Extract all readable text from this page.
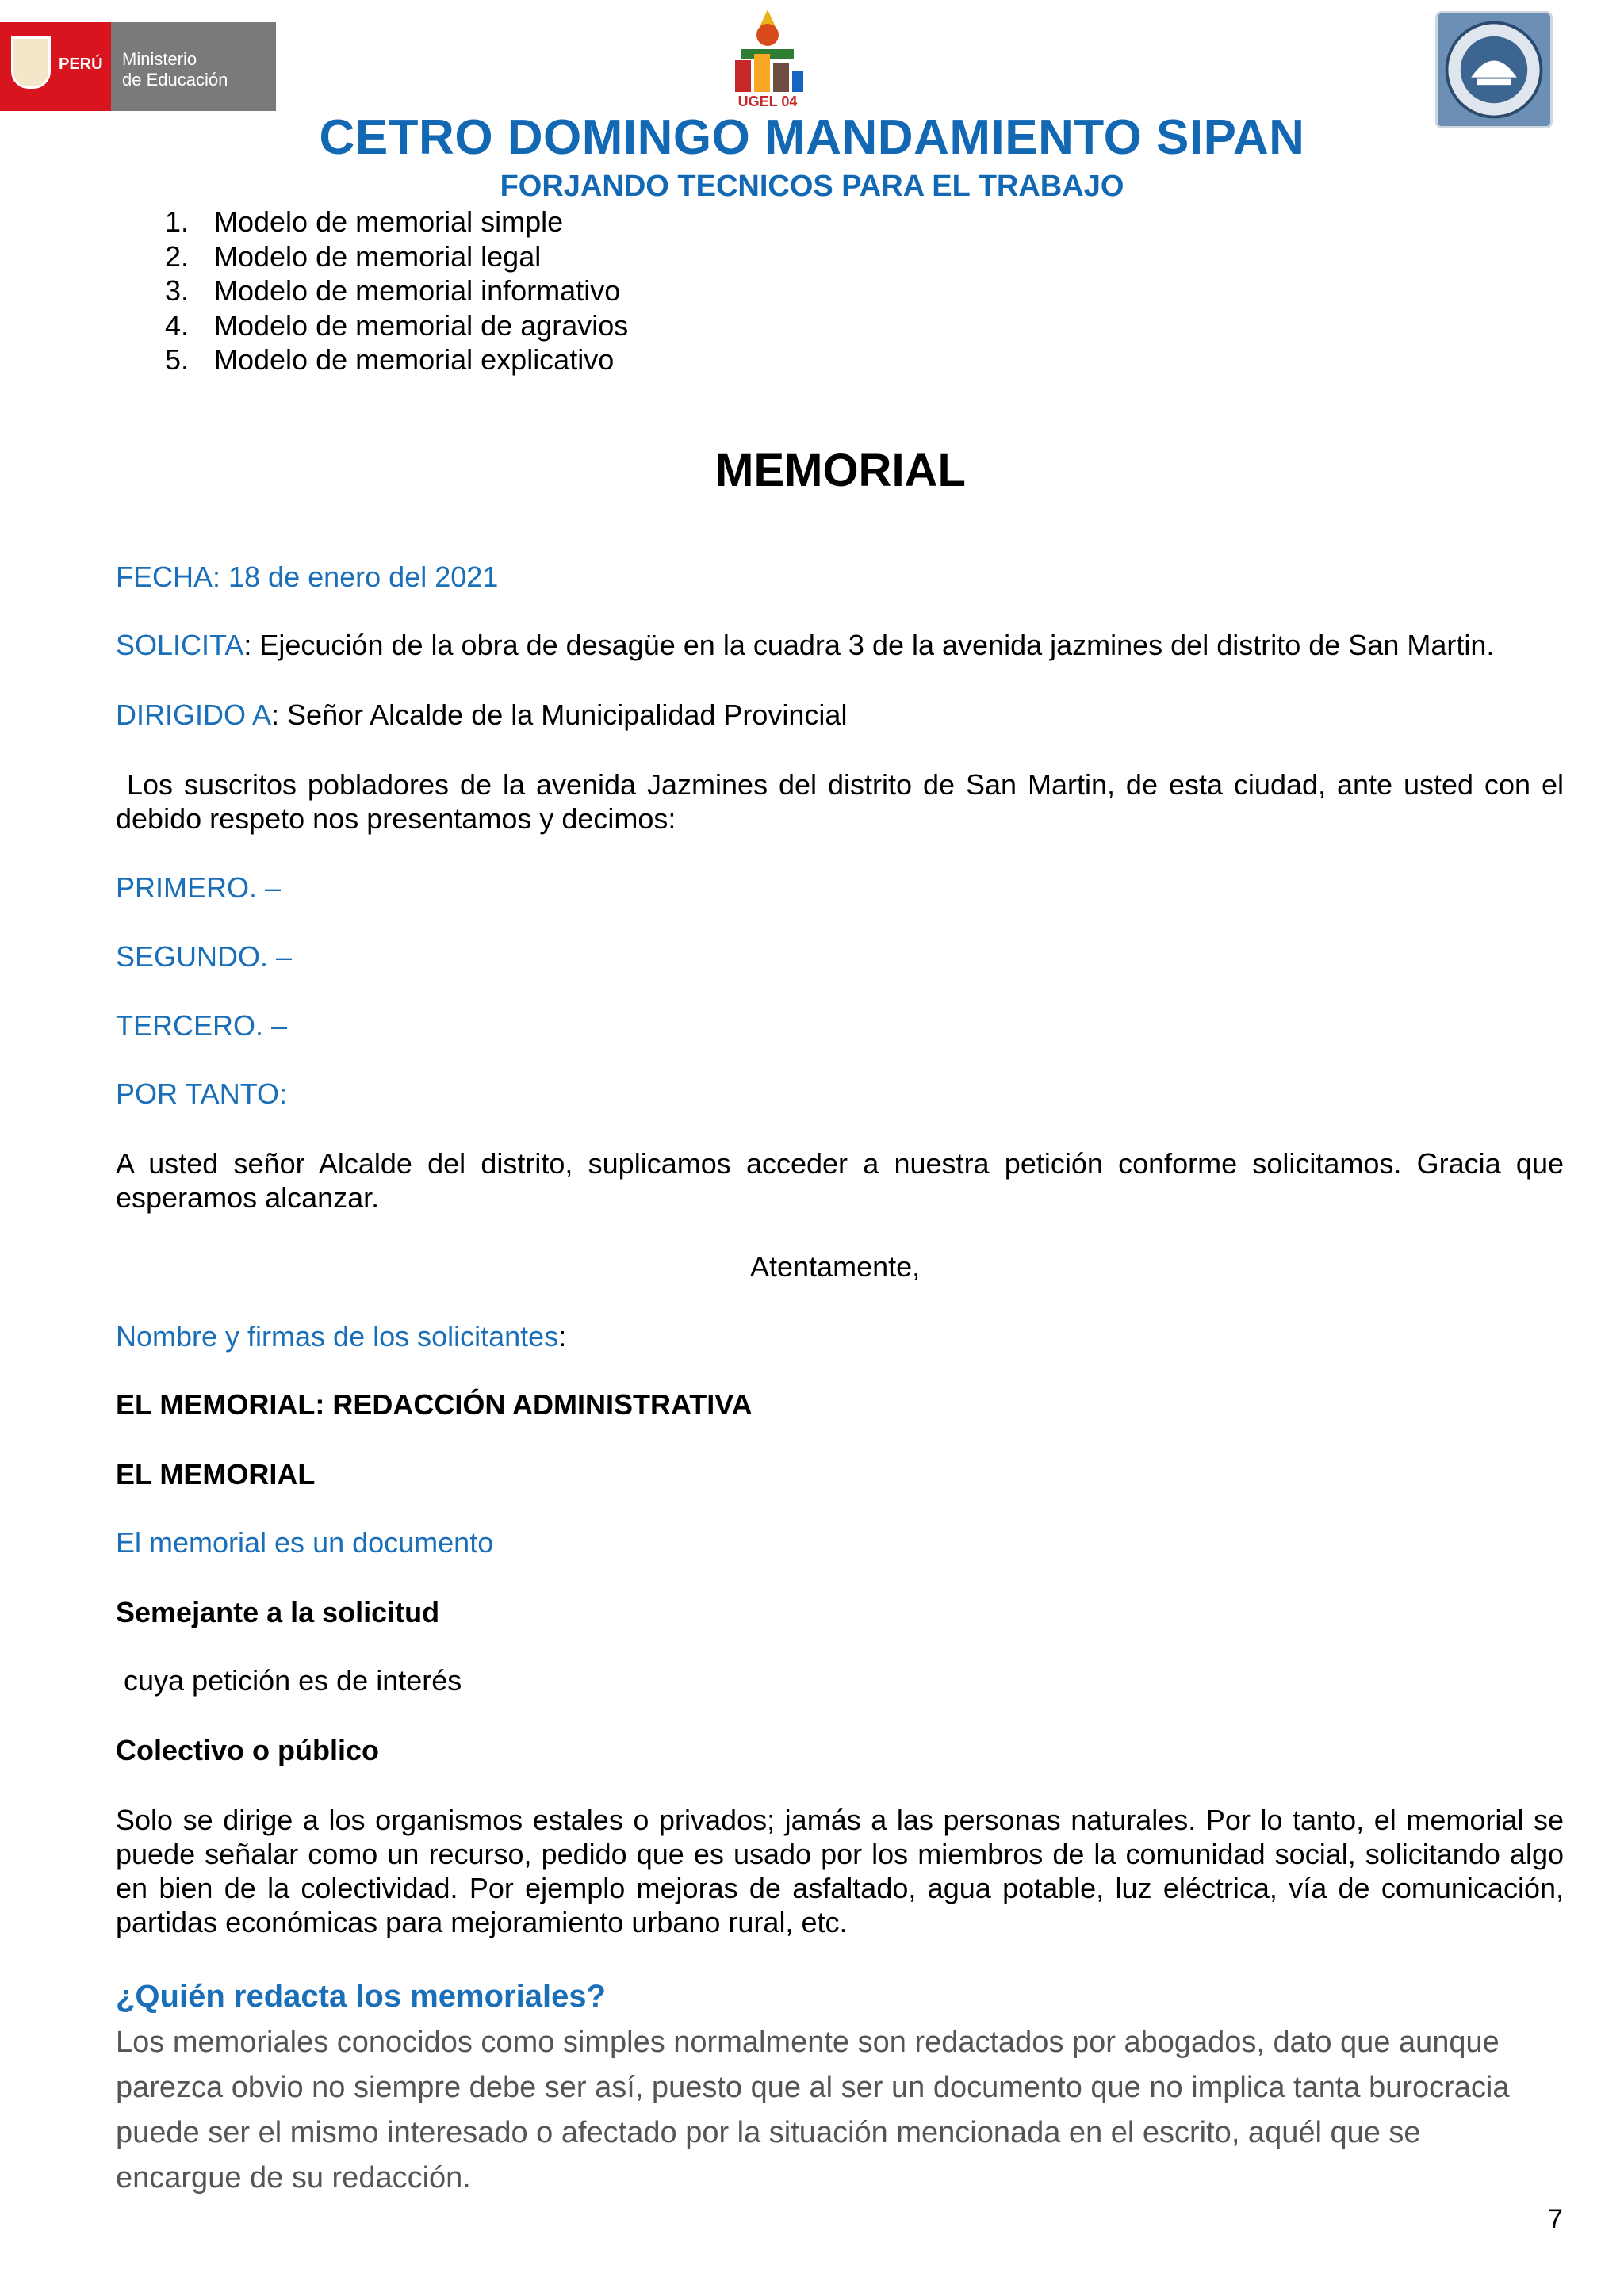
PERÚ Ministerio
de Educación
UGEL 04
CETRO DOMINGO MANDAMIENTO SIPAN
FORJANDO TECNICOS PARA EL TRABAJO
1. Modelo de memorial simple
2. Modelo de memorial legal
3. Modelo de memorial informativo
4. Modelo de memorial de agravios
5. Modelo de memorial explicativo
MEMORIAL
FECHA: 18 de enero del 2021
SOLICITA: Ejecución de la obra de desagüe en la cuadra 3 de la avenida jazmines del distrito de San Martin.
DIRIGIDO A: Señor Alcalde de la Municipalidad Provincial
Los suscritos pobladores de la avenida Jazmines del distrito de San Martin, de esta ciudad, ante usted con el debido respeto nos presentamos y decimos:
PRIMERO. –
SEGUNDO. –
TERCERO. –
POR TANTO:
A usted señor Alcalde del distrito, suplicamos acceder a nuestra petición conforme solicitamos. Gracia que esperamos alcanzar.
Atentamente,
Nombre y firmas de los solicitantes:
EL MEMORIAL: REDACCIÓN ADMINISTRATIVA
EL MEMORIAL
El memorial es un documento
Semejante a la solicitud
cuya petición es de interés
Colectivo o público
Solo se dirige a los organismos estales o privados; jamás a las personas naturales. Por lo tanto, el memorial se puede señalar como un recurso, pedido que es usado por los miembros de la comunidad social, solicitando algo en bien de la colectividad. Por ejemplo mejoras de asfaltado, agua potable, luz eléctrica, vía de comunicación, partidas económicas para mejoramiento urbano rural, etc.
¿Quién redacta los memoriales?
Los memoriales conocidos como simples normalmente son redactados por abogados, dato que aunque parezca obvio no siempre debe ser así, puesto que al ser un documento que no implica tanta burocracia puede ser el mismo interesado o afectado por la situación mencionada en el escrito, aquél que se encargue de su redacción.
7
